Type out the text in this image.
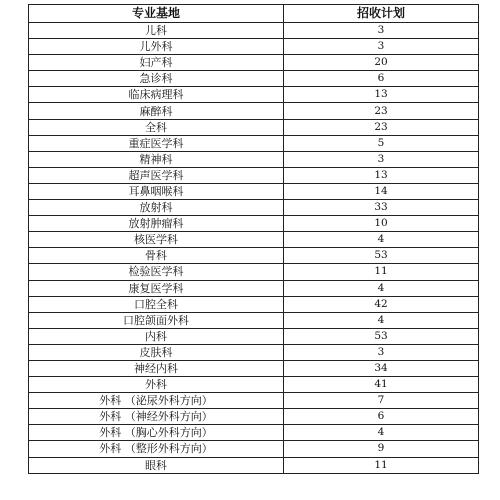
专业基地	招收计划
儿科	3
儿外科	3
妇产科	20
急诊科	6
临床病理科	13
麻醉科	23
全科	23
重症医学科	5
精神科	3
超声医学科	13
耳鼻咽喉科	14
放射科	33
放射肿瘤科	10
核医学科	4
骨科	53
检验医学科	11
康复医学科	4
口腔全科	42
口腔颌面外科	4
内科	53
皮肤科	3
神经内科	34
外科	41
外科 （泌尿外科方向）	7
外科 （神经外科方向）	6
外科 （胸心外科方向）	4
外科 （整形外科方向）	9
眼科	11
